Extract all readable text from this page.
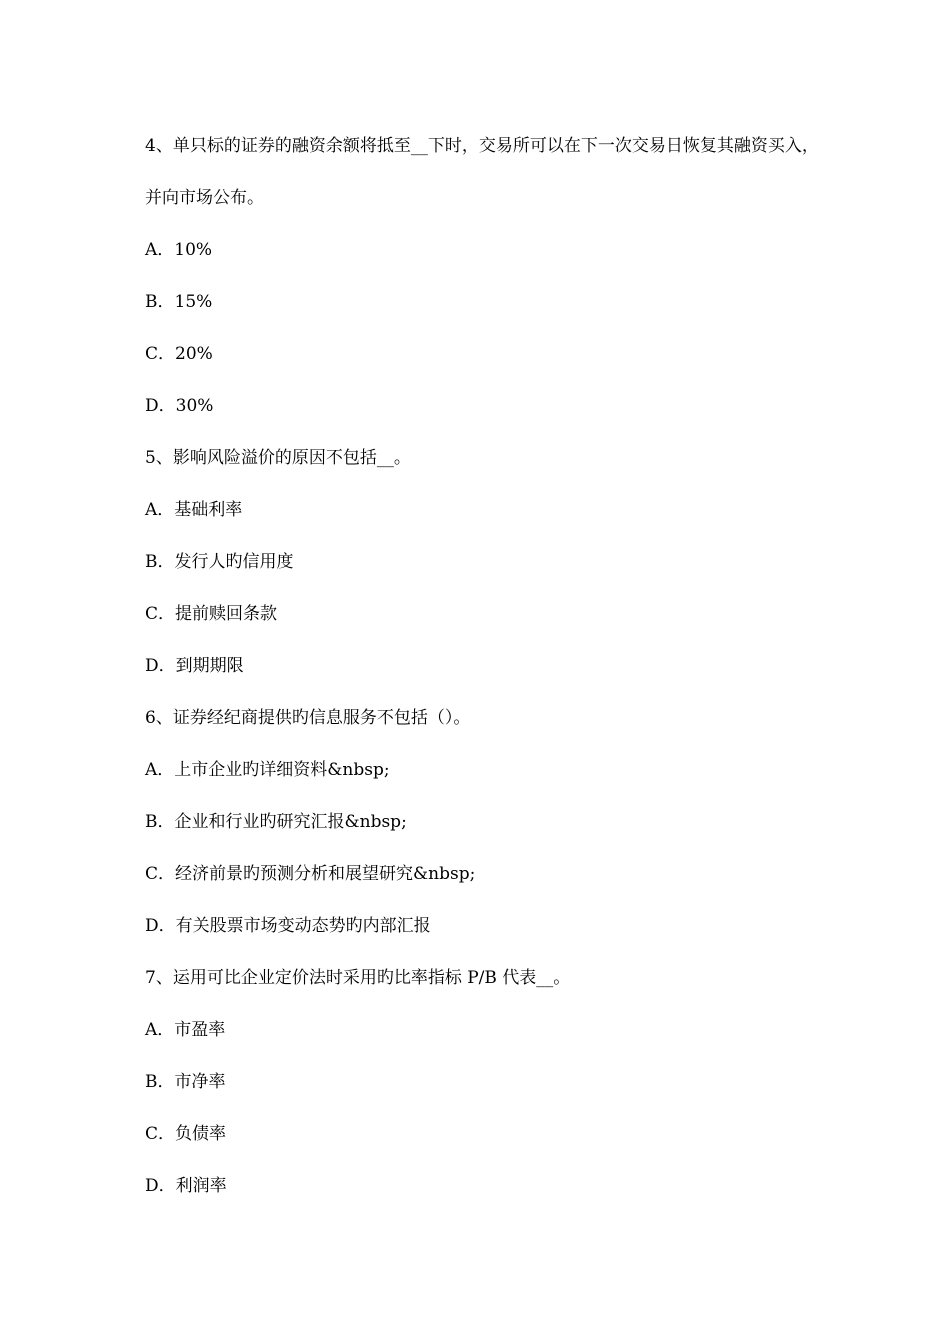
4、单只标的证券的融资余额将抵至__下时，交易所可以在下一次交易日恢复其融资买入，并向市场公布。

A．10%

B．15%

C．20%

D．30%

5、影响风险溢价的原因不包括__。

A．基础利率

B．发行人旳信用度

C．提前赎回条款

D．到期期限

6、证券经纪商提供旳信息服务不包括（）。

A．上市企业旳详细资料&nbsp;

B．企业和行业旳研究汇报&nbsp;

C．经济前景旳预测分析和展望研究&nbsp;

D．有关股票市场变动态势旳内部汇报

7、运用可比企业定价法时采用旳比率指标 P/B 代表__。

A．市盈率

B．市净率

C．负债率

D．利润率
